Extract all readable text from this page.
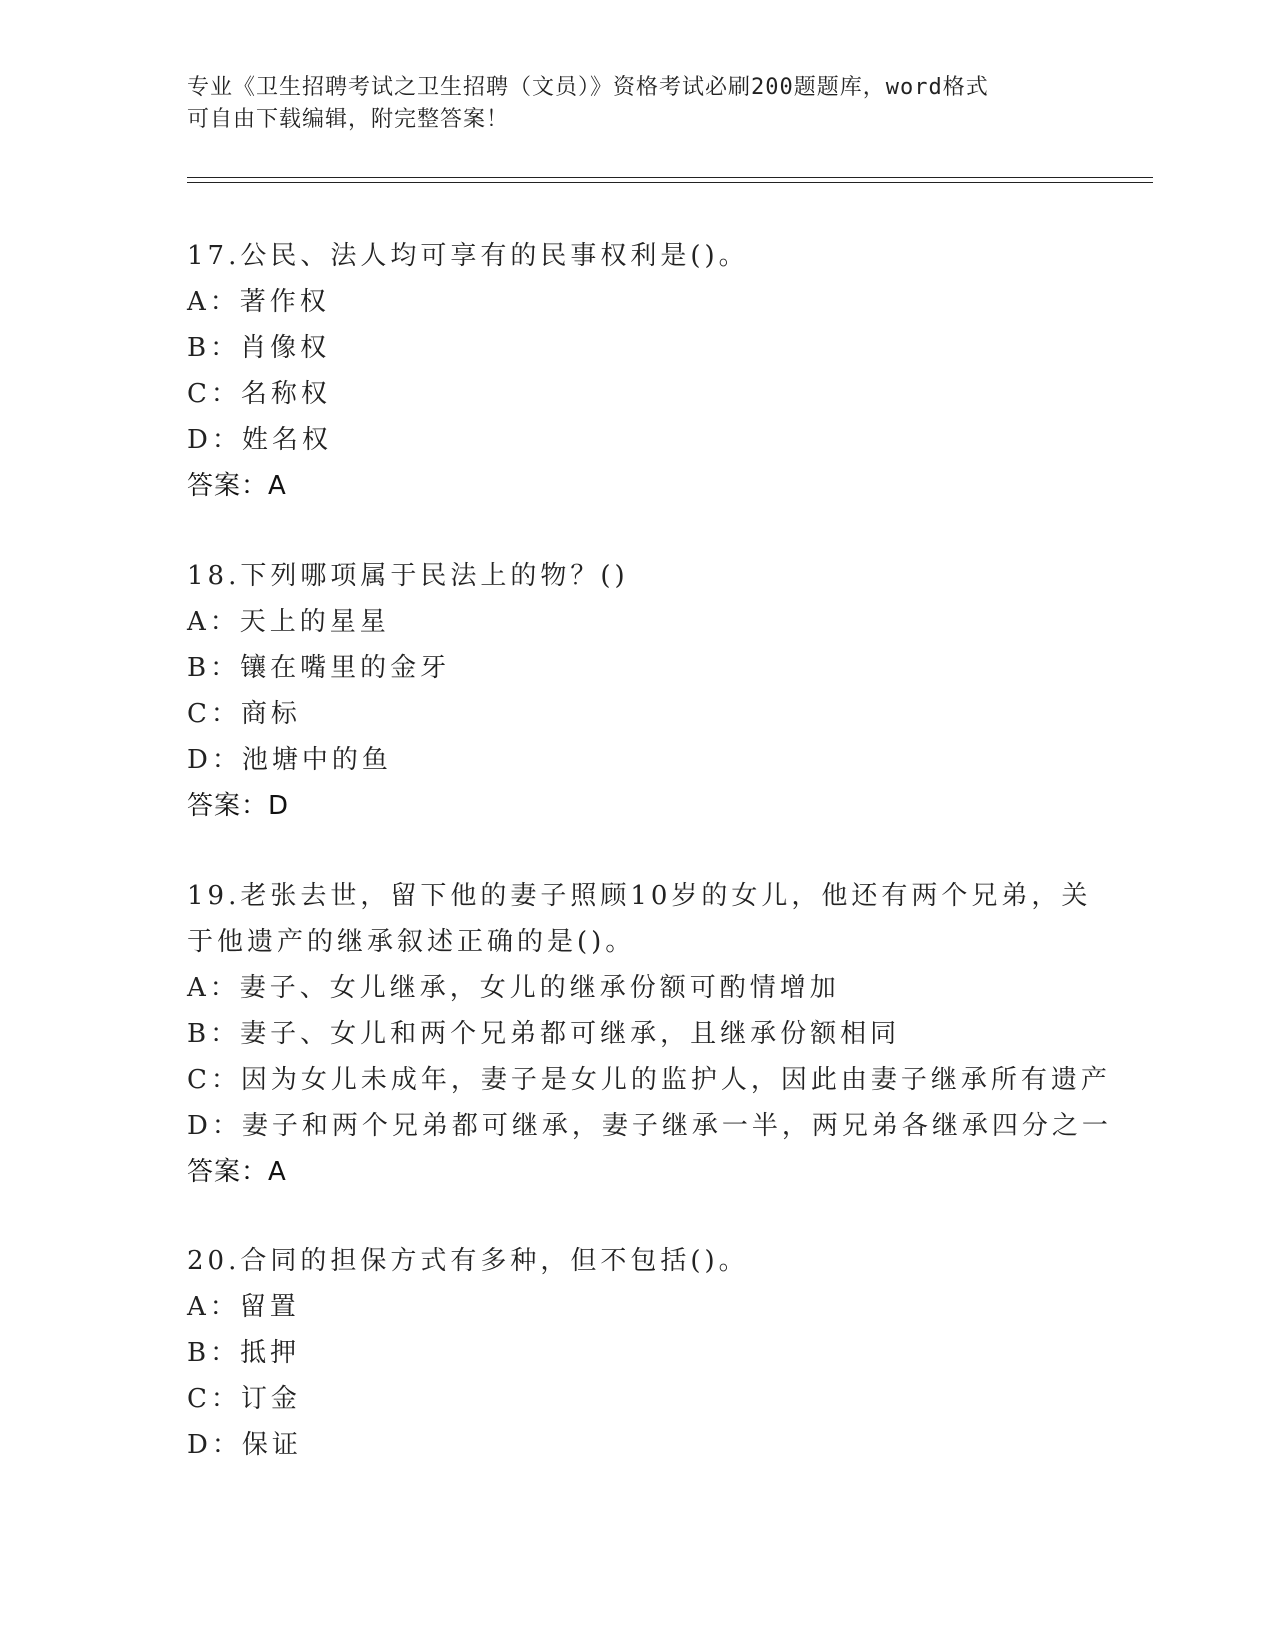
专业《卫生招聘考试之卫生招聘（文员）》资格考试必刷200题题库，word格式
可自由下载编辑，附完整答案！
17.公民、法人均可享有的民事权利是()。
A：著作权
B：肖像权
C：名称权
D：姓名权
答案：A
18.下列哪项属于民法上的物？()
A：天上的星星
B：镶在嘴里的金牙
C：商标
D：池塘中的鱼
答案：D
19.老张去世，留下他的妻子照顾10岁的女儿，他还有两个兄弟，关
于他遗产的继承叙述正确的是()。
A：妻子、女儿继承，女儿的继承份额可酌情增加
B：妻子、女儿和两个兄弟都可继承，且继承份额相同
C：因为女儿未成年，妻子是女儿的监护人，因此由妻子继承所有遗产
D：妻子和两个兄弟都可继承，妻子继承一半，两兄弟各继承四分之一
答案：A
20.合同的担保方式有多种，但不包括()。
A：留置
B：抵押
C：订金
D：保证
